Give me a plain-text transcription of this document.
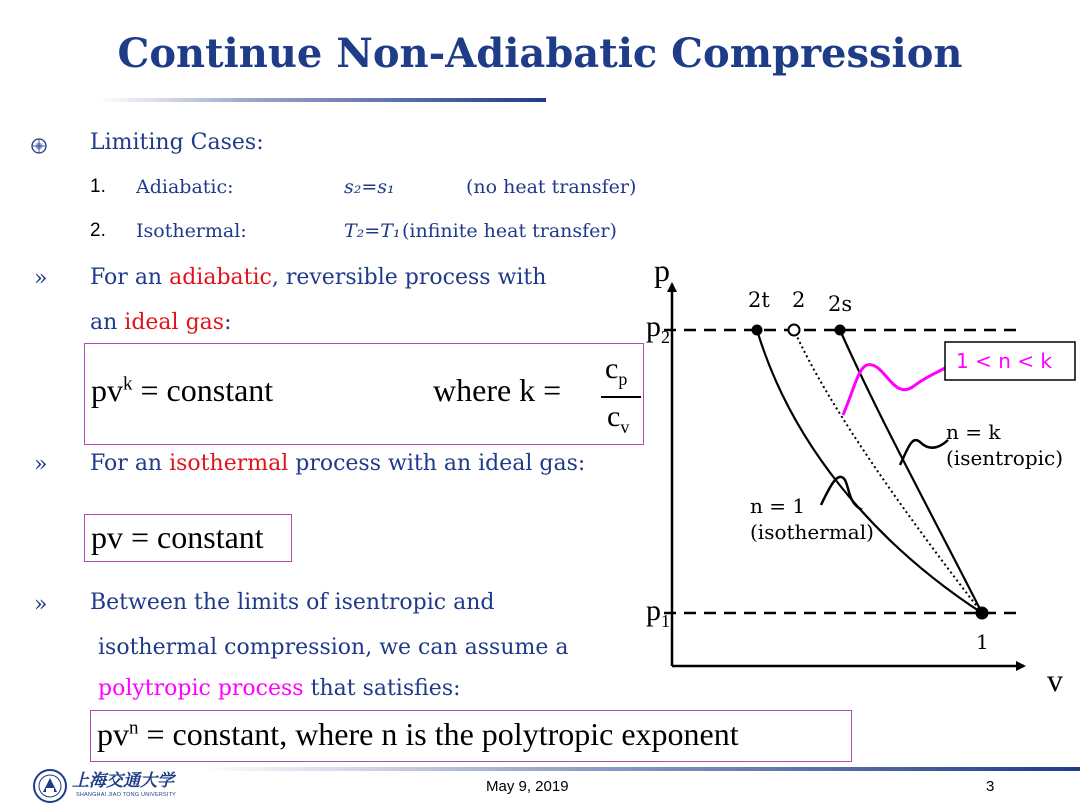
Continue Non-Adiabatic Compression
Limiting Cases:
1. Adiabatic:	s₂=s₁	(no heat transfer)
2. Isothermal:	T₂=T₁ (infinite heat transfer)
» For an adiabatic, reversible process with
an ideal gas:
$pv^k$ = constant	where k =
$c_p$
$c_v$
» For an isothermal process with an ideal gas:
pv = constant
» Between the limits of isentropic and
isothermal compression, we can assume a
polytropic process that satisfies:
$pv^n$ = constant, where n is the polytropic exponent
p
v
$p_2$
$p_1$
2t 2 2s
1
1 < n < k
n = k
(isentropic)
n = 1
(isothermal)
上海交通大学
SHANGHAI JIAO TONG UNIVERSITY	May 9, 2019	3
